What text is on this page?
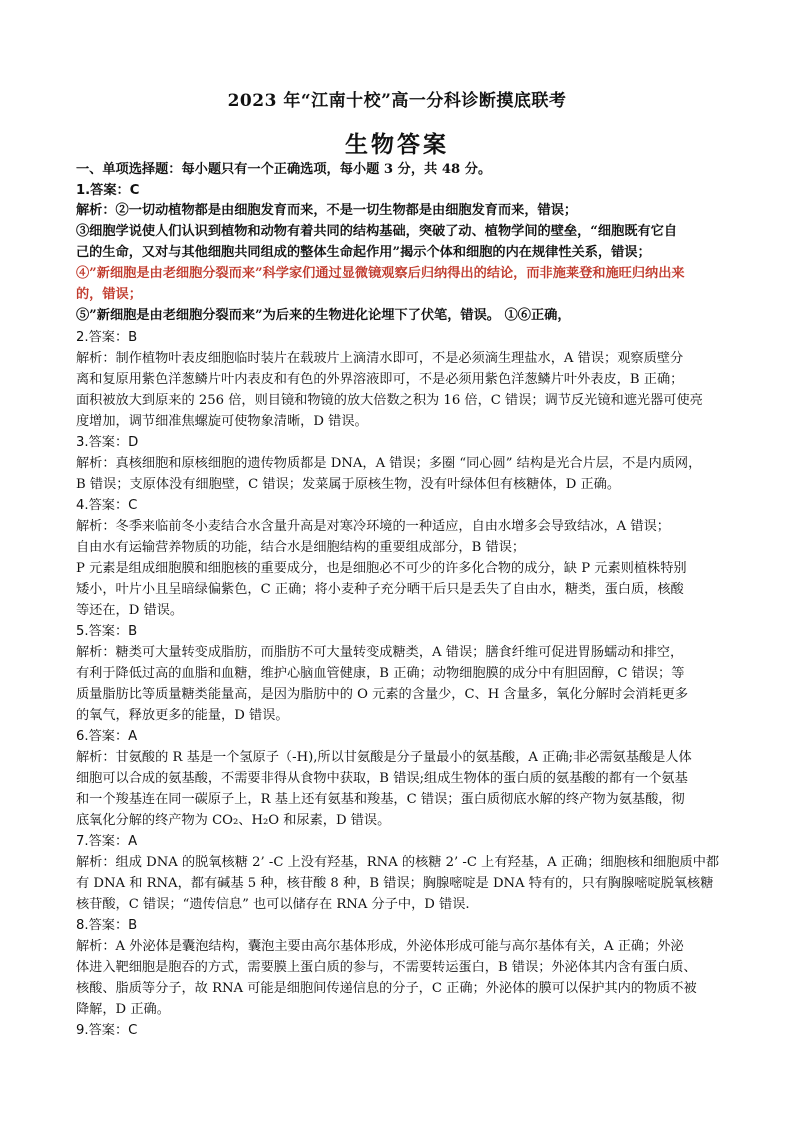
2023 年“江南十校”高一分科诊断摸底联考
生物答案
一、单项选择题：每小题只有一个正确选项，每小题 3 分，共 48 分。
1.答案：C
解析：②一切动植物都是由细胞发育而来，不是一切生物都是由细胞发育而来，错误；
③细胞学说使人们认识到植物和动物有着共同的结构基础，突破了动、植物学间的壁垒，“细胞既有它自
己的生命，又对与其他细胞共同组成的整体生命起作用”揭示个体和细胞的内在规律性关系，错误；
④”新细胞是由老细胞分裂而来”科学家们通过显微镜观察后归纳得出的结论，而非施莱登和施旺归纳出来
的，错误；
⑤”新细胞是由老细胞分裂而来”为后来的生物进化论埋下了伏笔，错误。 ①⑥正确，
2.答案：B
解析：制作植物叶表皮细胞临时装片在载玻片上滴清水即可，不是必须滴生理盐水，A 错误；观察质壁分
离和复原用紫色洋葱鳞片叶内表皮和有色的外界溶液即可，不是必须用紫色洋葱鳞片叶外表皮，B 正确；
面积被放大到原来的 256 倍，则目镜和物镜的放大倍数之积为 16 倍，C 错误；调节反光镜和遮光器可使亮
度增加，调节细准焦螺旋可使物象清晰，D 错误。
3.答案：D
解析：真核细胞和原核细胞的遗传物质都是 DNA，A 错误；多圈 “同心圆” 结构是光合片层，不是内质网，
B 错误；支原体没有细胞壁，C 错误；发菜属于原核生物，没有叶绿体但有核糖体，D 正确。
4.答案：C
解析：冬季来临前冬小麦结合水含量升高是对寒冷环境的一种适应，自由水增多会导致结冰，A 错误；
自由水有运输营养物质的功能，结合水是细胞结构的重要组成部分，B 错误；
P 元素是组成细胞膜和细胞核的重要成分，也是细胞必不可少的许多化合物的成分，缺 P 元素则植株特别
矮小，叶片小且呈暗绿偏紫色，C 正确；将小麦种子充分晒干后只是丢失了自由水，糖类，蛋白质，核酸
等还在，D 错误。
5.答案：B
解析：糖类可大量转变成脂肪，而脂肪不可大量转变成糖类，A 错误；膳食纤维可促进胃肠蠕动和排空，
有利于降低过高的血脂和血糖，维护心脑血管健康，B 正确；动物细胞膜的成分中有胆固醇，C 错误；等
质量脂肪比等质量糖类能量高，是因为脂肪中的 O 元素的含量少，C、H 含量多，氧化分解时会消耗更多
的氧气，释放更多的能量，D 错误。
6.答案：A
解析：甘氨酸的 R 基是一个氢原子（-H),所以甘氨酸是分子量最小的氨基酸，A 正确;非必需氨基酸是人体
细胞可以合成的氨基酸，不需要非得从食物中获取，B 错误;组成生物体的蛋白质的氨基酸的都有一个氨基
和一个羧基连在同一碳原子上，R 基上还有氨基和羧基，C 错误；蛋白质彻底水解的终产物为氨基酸，彻
底氧化分解的终产物为 CO₂、H₂O 和尿素，D 错误。
7.答案：A
解析：组成 DNA 的脱氧核糖 2’ -C 上没有羟基，RNA 的核糖 2’ -C 上有羟基，A 正确；细胞核和细胞质中都
有 DNA 和 RNA，都有碱基 5 种，核苷酸 8 种，B 错误；胸腺嘧啶是 DNA 特有的，只有胸腺嘧啶脱氧核糖
核苷酸，C 错误；“遗传信息” 也可以储存在 RNA 分子中，D 错误.
8.答案：B
解析：A 外泌体是囊泡结构，囊泡主要由高尔基体形成，外泌体形成可能与高尔基体有关，A 正确；外泌
体进入靶细胞是胞吞的方式，需要膜上蛋白质的参与，不需要转运蛋白，B 错误；外泌体其内含有蛋白质、
核酸、脂质等分子，故 RNA 可能是细胞间传递信息的分子，C 正确；外泌体的膜可以保护其内的物质不被
降解，D 正确。
9.答案：C
